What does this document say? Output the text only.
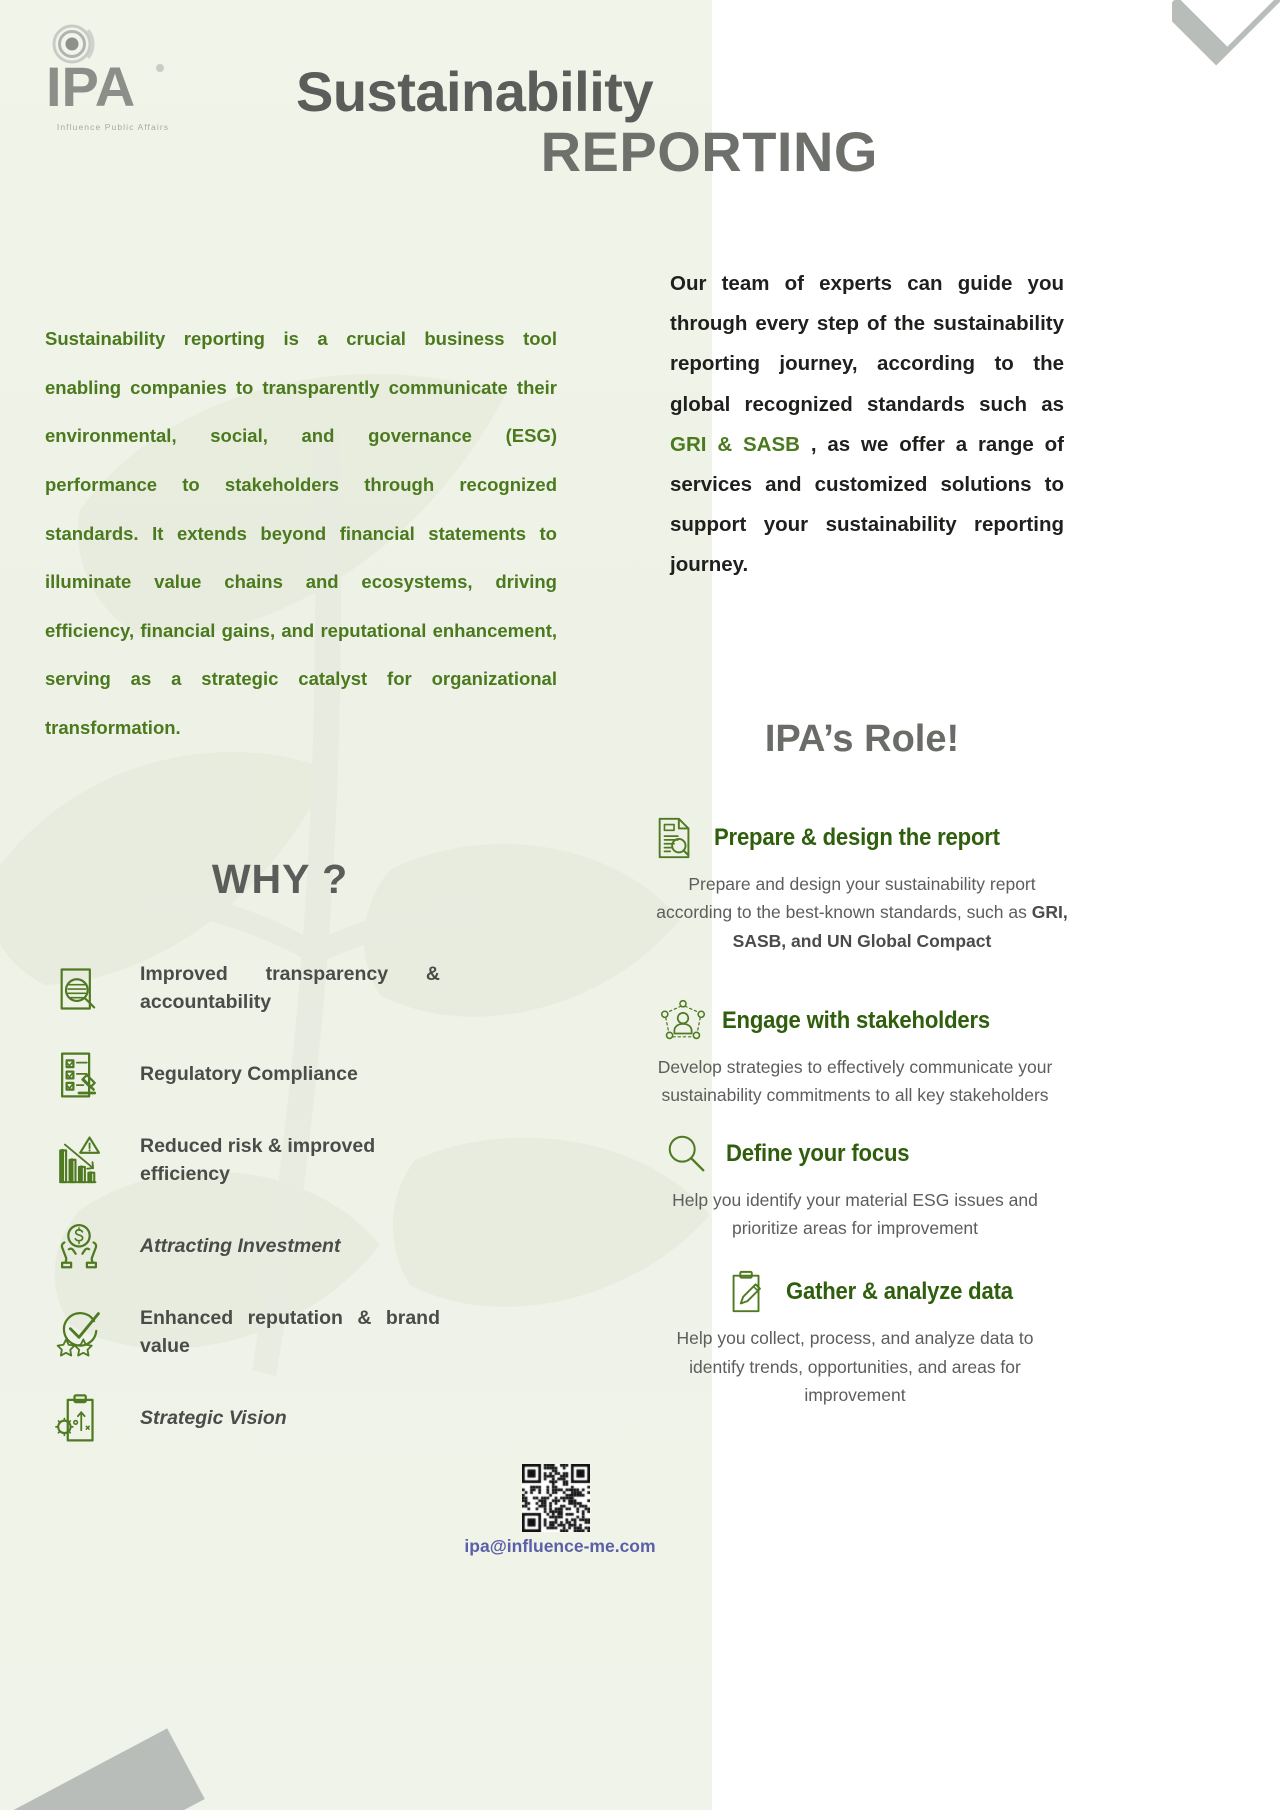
IPA
Influence Public Affairs
Sustainability
REPORTING
Sustainability reporting is a crucial business tool enabling companies to transparently communicate their environmental, social, and governance (ESG) performance to stakeholders through recognized standards. It extends beyond financial statements to illuminate value chains and ecosystems, driving efficiency, financial gains, and reputational enhancement, serving as a strategic catalyst for organizational transformation.
WHY ?
Improved transparency & accountability
Regulatory Compliance
Reduced risk & improved efficiency
Attracting Investment
Enhanced reputation & brand value
Strategic Vision
Our team of experts can guide you through every step of the sustainability reporting journey, according to the global recognized standards such as GRI & SASB , as we offer a range of services and customized solutions to support your sustainability reporting journey.
IPA’s Role!
Prepare & design the report
Prepare and design your sustainability report according to the best-known standards, such as GRI, SASB, and UN Global Compact
Engage with stakeholders
Develop strategies to effectively communicate your sustainability commitments to all key stakeholders
Define your focus
Help you identify your material ESG issues and prioritize areas for improvement
Gather & analyze data
Help you collect, process, and analyze data to identify trends, opportunities, and areas for improvement
ipa@influence-me.com
